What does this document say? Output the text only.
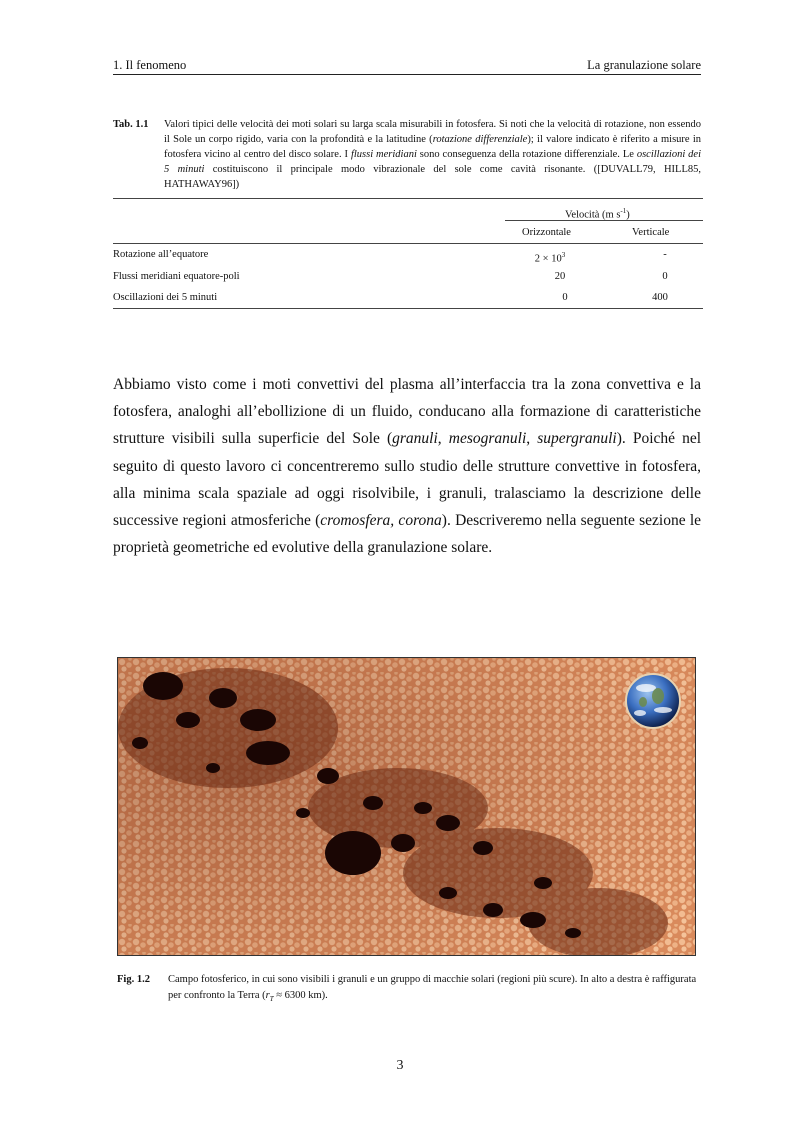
1. Il fenomeno	La granulazione solare
Tab. 1.1 Valori tipici delle velocità dei moti solari su larga scala misurabili in fotosfera. Si noti che la velocità di rotazione, non essendo il Sole un corpo rigido, varia con la profondità e la latitudine (rotazione differenziale); il valore indicato è riferito a misure in fotosfera vicino al centro del disco solare. I flussi meridiani sono conseguenza della rotazione differenziale. Le oscillazioni dei 5 minuti costituiscono il principale modo vibrazionale del sole come cavità risonante. ([DUVALL79, HILL85, HATHAWAY96])
Velocità (m $s^{-1}$)
Orizzontale	Verticale
Rotazione all’equatore	$2 \times 10^3$	-
Flussi meridiani equatore-poli	20	0
Oscillazioni dei 5 minuti	0	400

Abbiamo visto come i moti convettivi del plasma all’interfaccia tra la zona convettiva e la fotosfera, analoghi all’ebollizione di un fluido, conducano alla formazione di caratteristiche strutture visibili sulla superficie del Sole (granuli, mesogranuli, supergranuli). Poiché nel seguito di questo lavoro ci concentreremo sullo studio delle strutture convettive in fotosfera, alla minima scala spaziale ad oggi risolvibile, i granuli, tralasciamo la descrizione delle successive regioni atmosferiche (cromosfera, corona). Descriveremo nella seguente sezione le proprietà geometriche ed evolutive della granulazione solare.

Fig. 1.2 Campo fotosferico, in cui sono visibili i granuli e un gruppo di macchie solari (regioni più scure). In alto a destra è raffigurata per confronto la Terra ($r_T \approx 6300$ km).
3
